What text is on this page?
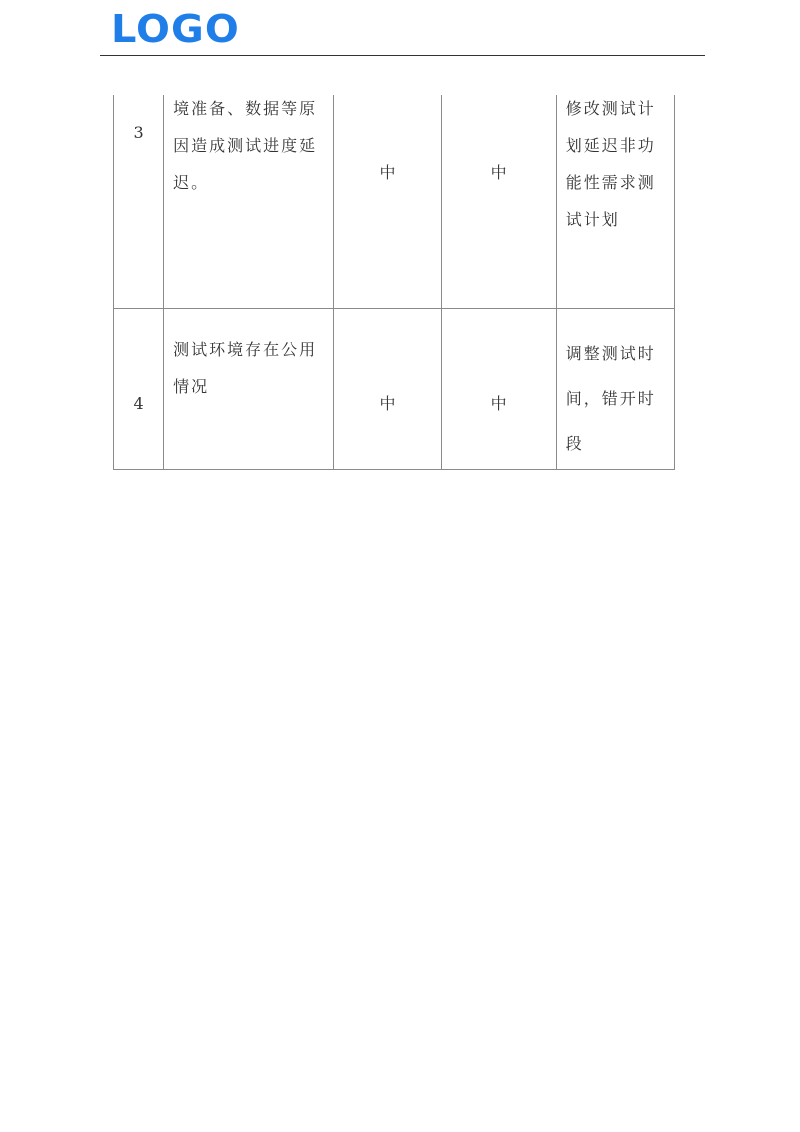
LOGO
3	境准备、数据等原因造成测试进度延迟。	中	中	修改测试计划延迟非功能性需求测试计划

4	测试环境存在公用情况	中	中	调整测试时间，错开时段
